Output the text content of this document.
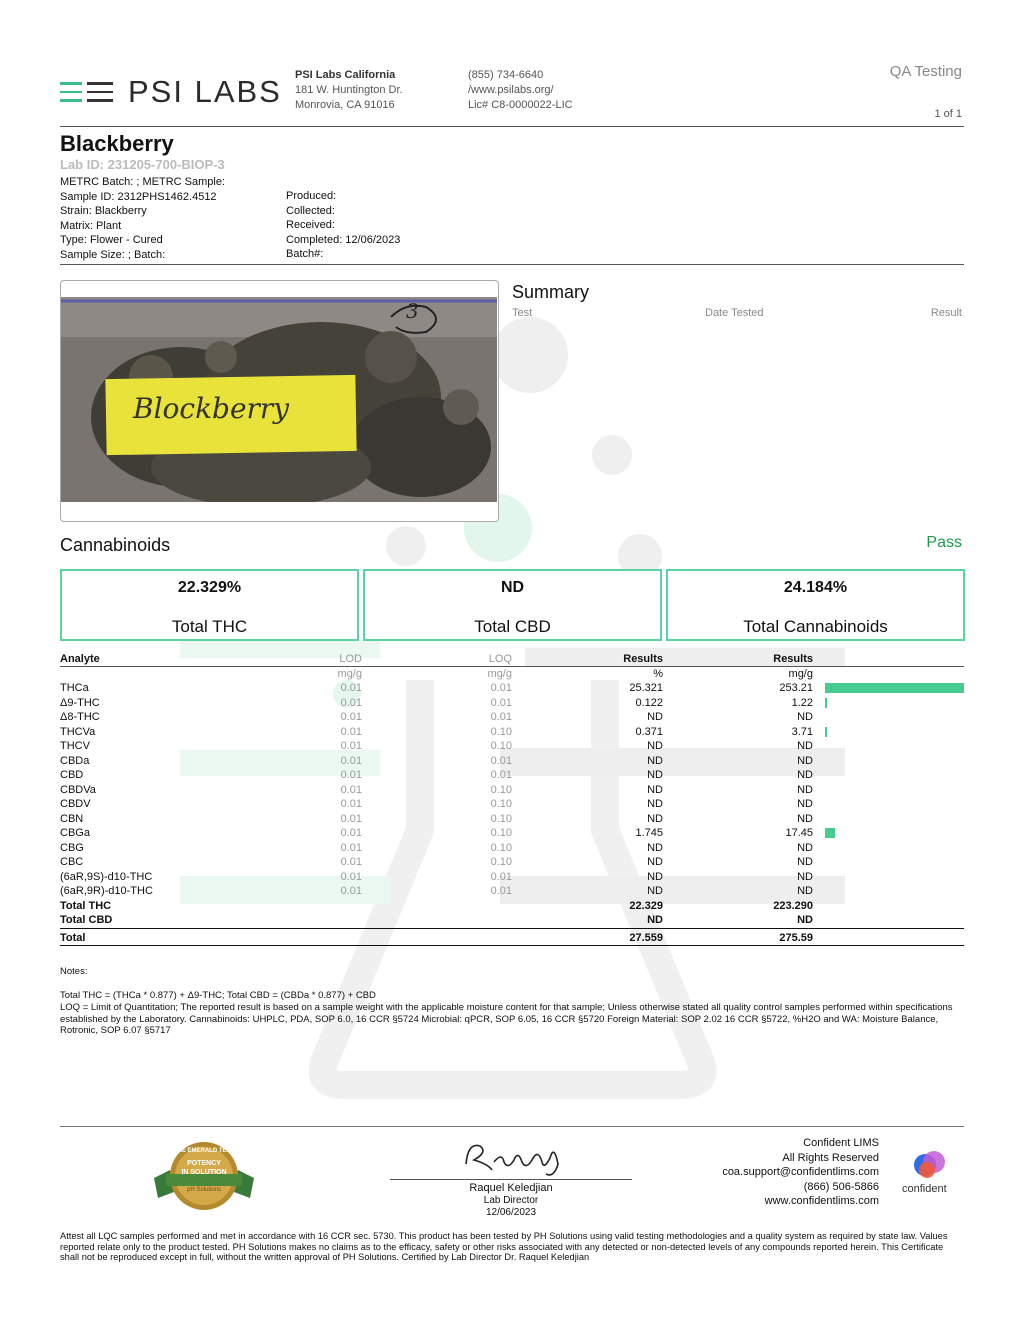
PSI LABS PSI Labs California
181 W. Huntington Dr.
Monrovia, CA 91016
(855) 734-6640
/www.psilabs.org/
Lic# C8-0000022-LIC
QA Testing
1 of 1
Blackberry
Lab ID: 231205-700-BIOP-3
METRC Batch: ; METRC Sample:
Sample ID: 2312PHS1462.4512
Strain: Blackberry
Matrix: Plant
Type: Flower - Cured
Sample Size: ; Batch:
Produced:
Collected:
Received:
Completed: 12/06/2023
Batch#:
Blockberry
3
Summary
Test	Date Tested	Result
Cannabinoids	Pass
22.329%
Total THC
ND
Total CBD
24.184%
Total Cannabinoids
Analyte	LOD	LOQ	Results	Results	
	mg/g	mg/g	%	mg/g	
THCa	0.01	0.01	25.321	253.21	
Δ9-THC	0.01	0.01	0.122	1.22	
Δ8-THC	0.01	0.01	ND	ND	
THCVa	0.01	0.10	0.371	3.71	
THCV	0.01	0.10	ND	ND	
CBDa	0.01	0.01	ND	ND	
CBD	0.01	0.01	ND	ND	
CBDVa	0.01	0.10	ND	ND	
CBDV	0.01	0.10	ND	ND	
CBN	0.01	0.10	ND	ND	
CBGa	0.01	0.10	1.745	17.45	
CBG	0.01	0.10	ND	ND	
CBC	0.01	0.10	ND	ND	
(6aR,9S)-d10-THC	0.01	0.01	ND	ND	
(6aR,9R)-d10-THC	0.01	0.01	ND	ND	
Total THC			22.329	223.290	
Total CBD			ND	ND	
Total			27.559	275.59	
Notes:
Total THC = (THCa * 0.877) + Δ9-THC; Total CBD = (CBDa * 0.877) + CBD
LOQ = Limit of Quantitation; The reported result is based on a sample weight with the applicable moisture content for that sample; Unless otherwise stated all quality control samples performed within specifications established by the Laboratory. Cannabinoids: UHPLC, PDA, SOP 6.0, 16 CCR §5724 Microbial: qPCR, SOP 6.05, 16 CCR §5720 Foreign Material: SOP 2.02 16 CCR §5722, %H2O and WA: Moisture Balance, Rotronic, SOP 6.07 §5717
THE EMERALD TEST
POTENCY
IN SOLUTION
pH Solutions	Raquel Keledjian
Lab Director
12/06/2023
Confident LIMS
All Rights Reserved
coa.support@confidentlims.com
(866) 506-5866
www.confidentlims.com
confident
Attest all LQC samples performed and met in accordance with 16 CCR sec. 5730. This product has been tested by PH Solutions using valid testing methodologies and a quality system as required by state law. Values reported relate only to the product tested. PH Solutions makes no claims as to the efficacy, safety or other risks associated with any detected or non-detected levels of any compounds reported herein. This Certificate shall not be reproduced except in full, without the written approval of PH Solutions. Certified by Lab Director Dr. Raquel Keledjian
